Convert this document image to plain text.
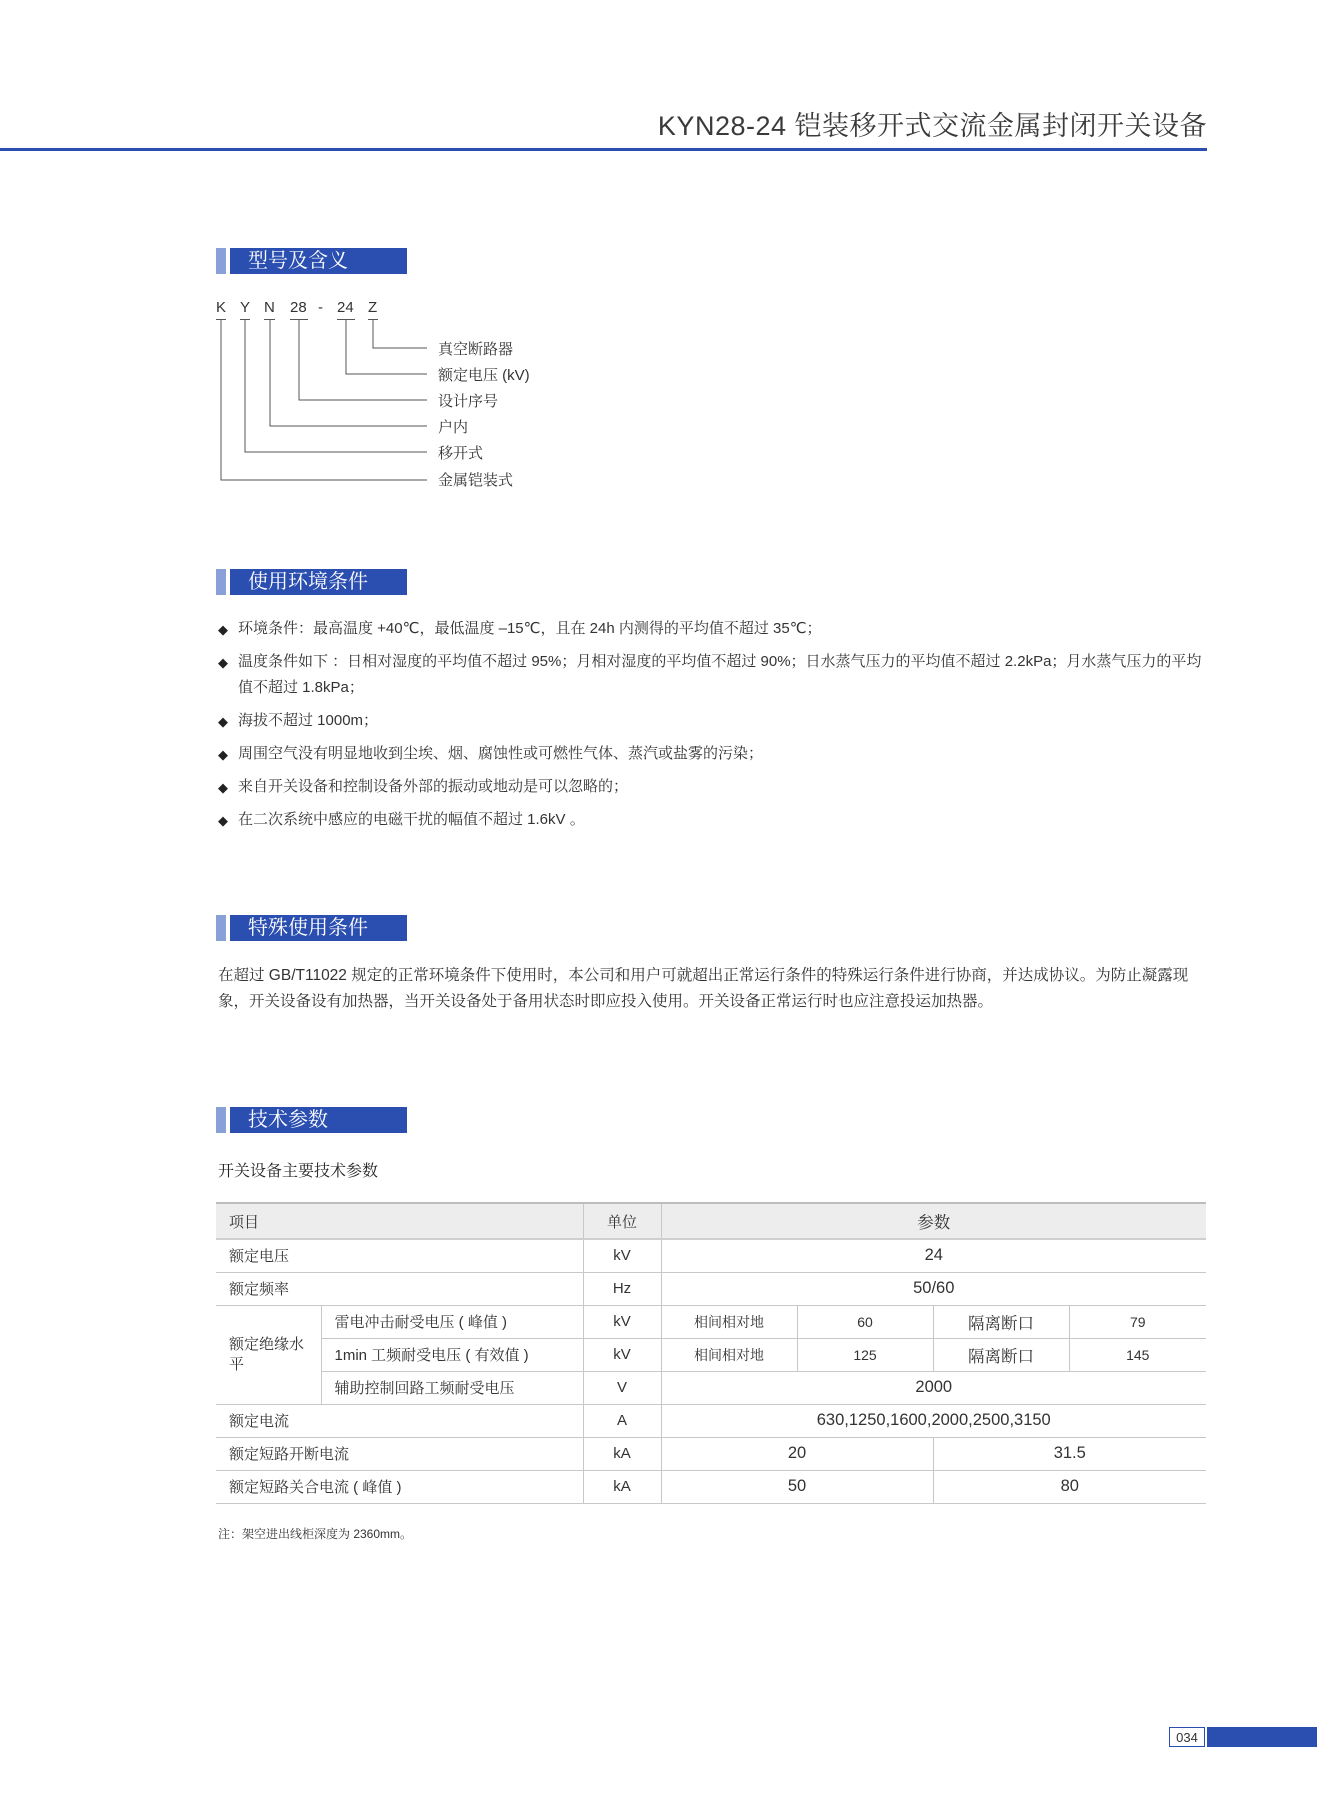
KYN28-24 铠装移开式交流金属封闭开关设备
型号及含义
K Y N 28 - 24 Z
真空断路器
额定电压 (kV)
设计序号
户内
移开式
金属铠装式
使用环境条件
◆ 环境条件：最高温度 +40℃，最低温度 –15℃，且在 24h 内测得的平均值不超过 35℃；
◆ 温度条件如下 ：日相对湿度的平均值不超过 95%；月相对湿度的平均值不超过 90%；日水蒸气压力的平均值不超过 2.2kPa；月水蒸气压力的平均值不超过 1.8kPa；
◆ 海拔不超过 1000m；
◆ 周围空气没有明显地收到尘埃、烟、腐蚀性或可燃性气体、蒸汽或盐雾的污染；
◆ 来自开关设备和控制设备外部的振动或地动是可以忽略的；
◆ 在二次系统中感应的电磁干扰的幅值不超过 1.6kV 。
特殊使用条件
在超过 GB/T11022 规定的正常环境条件下使用时，本公司和用户可就超出正常运行条件的特殊运行条件进行协商，并达成协议。为防止凝露现象，开关设备设有加热器，当开关设备处于备用状态时即应投入使用。开关设备正常运行时也应注意投运加热器。
技术参数
开关设备主要技术参数
项目		单位	参数			
额定电压		kV	24			
额定频率		Hz	50/60			
额定绝缘水平	雷电冲击耐受电压 ( 峰值 )	kV	相间相对地	60	隔离断口	79
	1min 工频耐受电压 ( 有效值 )	kV	相间相对地	125	隔离断口	145
	辅助控制回路工频耐受电压	V	2000			
额定电流		A	630,1250,1600,2000,2500,3150			
额定短路开断电流		kA	20		31.5	
额定短路关合电流 ( 峰值 )		kA	50		80	
注：架空进出线柜深度为 2360mm。
034
